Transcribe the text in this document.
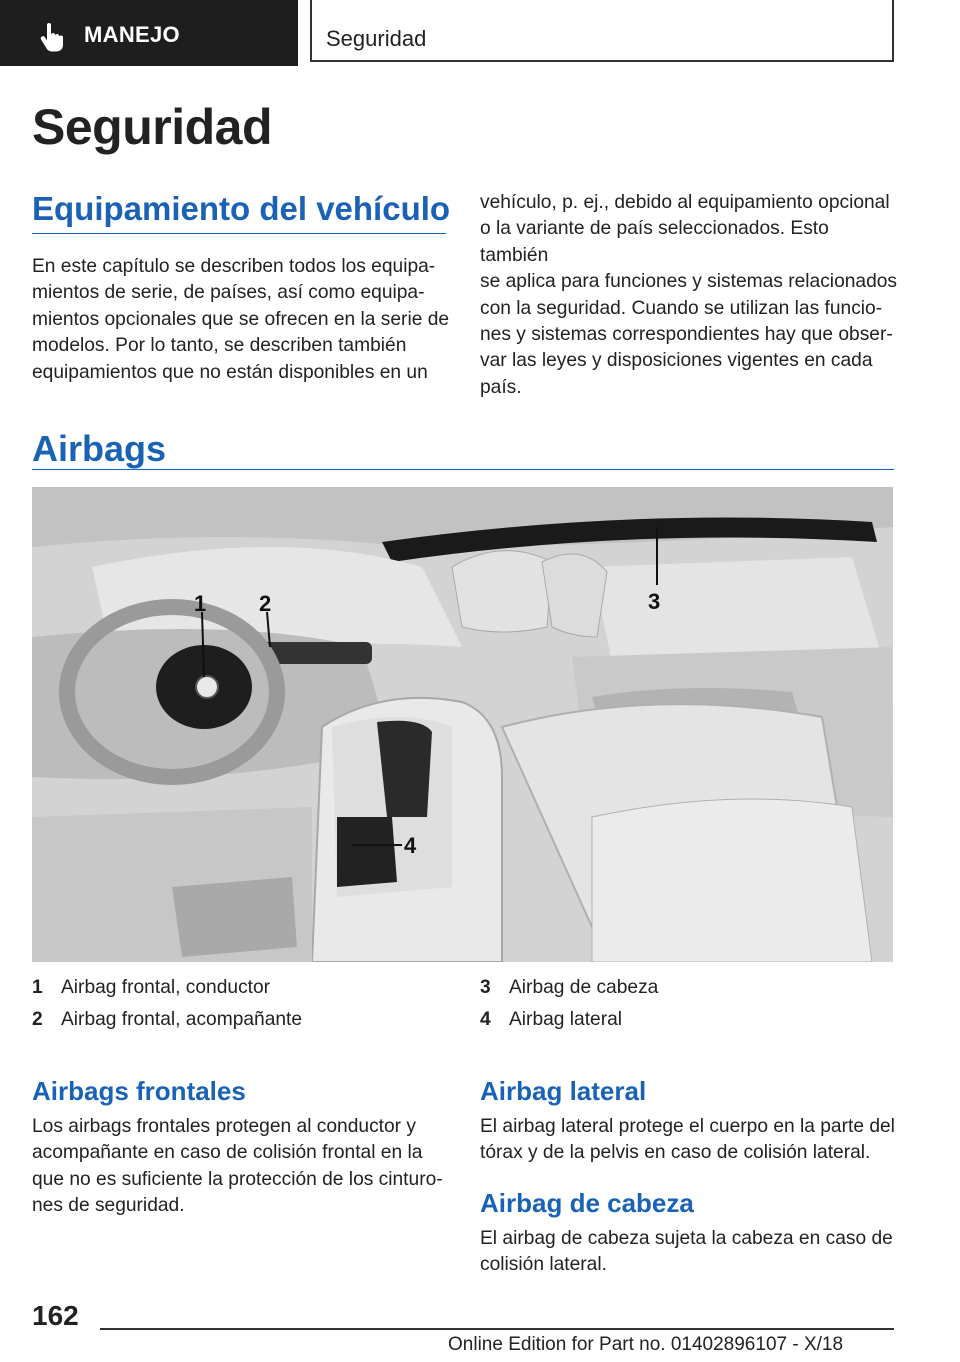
MANEJO	Seguridad
Seguridad
Equipamiento del vehículo
En este capítulo se describen todos los equipa‐
mientos de serie, de países, así como equipa‐
mientos opcionales que se ofrecen en la serie de
modelos. Por lo tanto, se describen también
equipamientos que no están disponibles en un
vehículo, p. ej., debido al equipamiento opcional
o la variante de país seleccionados. Esto también
se aplica para funciones y sistemas relacionados
con la seguridad. Cuando se utilizan las funcio‐
nes y sistemas correspondientes hay que obser‐
var las leyes y disposiciones vigentes en cada
país.
Airbags
1 2	3
4
1 Airbag frontal, conductor
2 Airbag frontal, acompañante
3 Airbag de cabeza
4 Airbag lateral
Airbags frontales
Los airbags frontales protegen al conductor y
acompañante en caso de colisión frontal en la
que no es suficiente la protección de los cinturo‐
nes de seguridad.
Airbag lateral
El airbag lateral protege el cuerpo en la parte del
tórax y de la pelvis en caso de colisión lateral.
Airbag de cabeza
El airbag de cabeza sujeta la cabeza en caso de
colisión lateral.
162
Online Edition for Part no. 01402896107 - X/18
